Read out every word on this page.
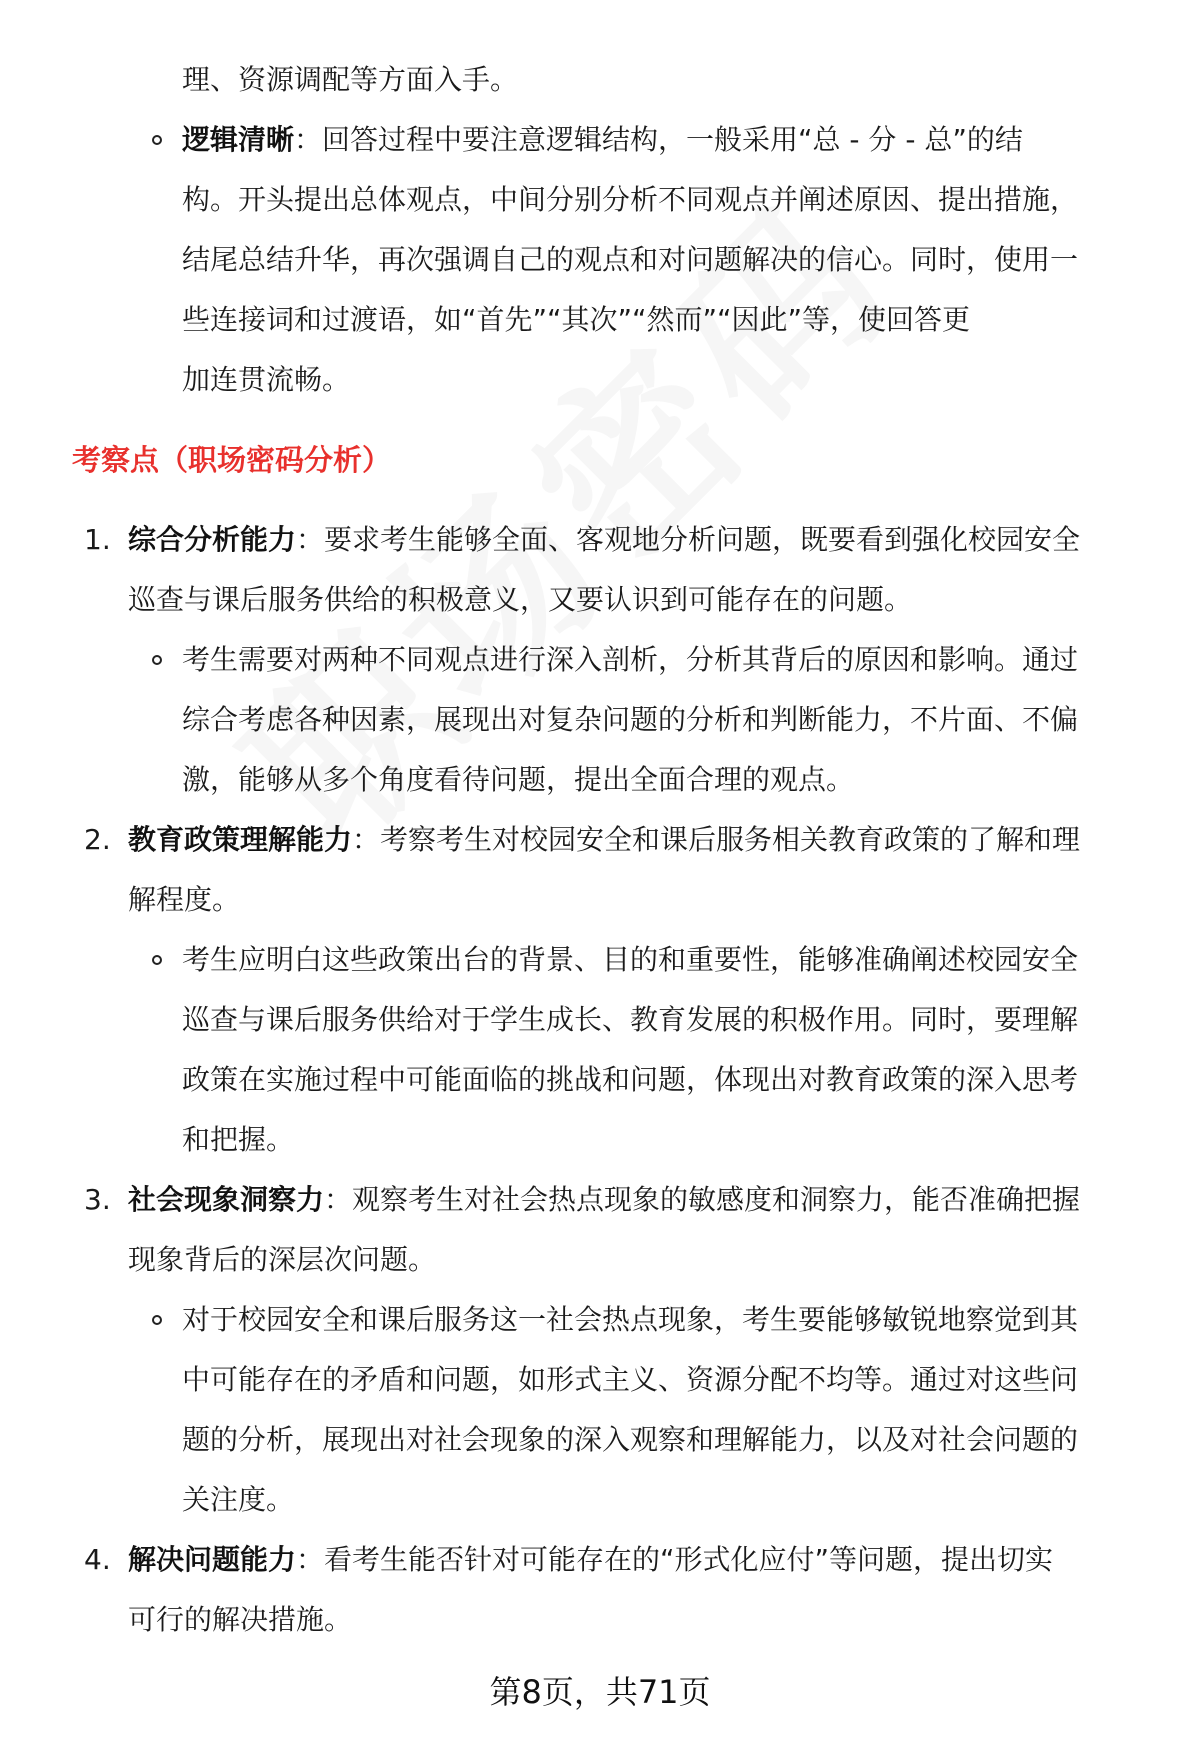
理、资源调配等方面入手。
逻辑清晰：回答过程中要注意逻辑结构，一般采用“总 - 分 - 总”的结
构。开头提出总体观点，中间分别分析不同观点并阐述原因、提出措施，
结尾总结升华，再次强调自己的观点和对问题解决的信心。同时，使用一
些连接词和过渡语，如“首先”“其次”“然而”“因此”等，使回答更
加连贯流畅。
考察点（职场密码分析）
1. 综合分析能力：要求考生能够全面、客观地分析问题，既要看到强化校园安全
巡查与课后服务供给的积极意义，又要认识到可能存在的问题。
考生需要对两种不同观点进行深入剖析，分析其背后的原因和影响。通过
综合考虑各种因素，展现出对复杂问题的分析和判断能力，不片面、不偏
激，能够从多个角度看待问题，提出全面合理的观点。
2. 教育政策理解能力：考察考生对校园安全和课后服务相关教育政策的了解和理
解程度。
考生应明白这些政策出台的背景、目的和重要性，能够准确阐述校园安全
巡查与课后服务供给对于学生成长、教育发展的积极作用。同时，要理解
政策在实施过程中可能面临的挑战和问题，体现出对教育政策的深入思考
和把握。
3. 社会现象洞察力：观察考生对社会热点现象的敏感度和洞察力，能否准确把握
现象背后的深层次问题。
对于校园安全和课后服务这一社会热点现象，考生要能够敏锐地察觉到其
中可能存在的矛盾和问题，如形式主义、资源分配不均等。通过对这些问
题的分析，展现出对社会现象的深入观察和理解能力，以及对社会问题的
关注度。
4. 解决问题能力：看考生能否针对可能存在的“形式化应付”等问题，提出切实
可行的解决措施。
第8页，共71页
